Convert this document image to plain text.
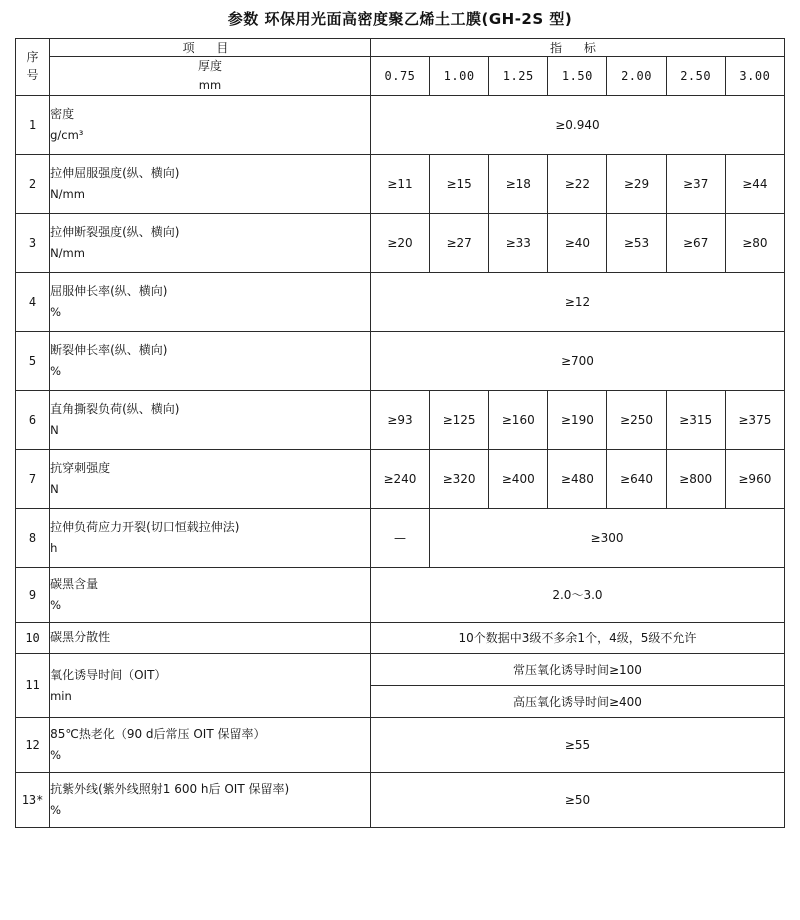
参数 环保用光面高密度聚乙烯土工膜(GH-2S 型)
序
号	项 目	指 标						

	厚度
mm	0.75	1.00	1.25	1.50	2.00	2.50	3.00
1	密度
g/cm³	≥0.940						
2	拉伸屈服强度(纵、横向)
N/mm	≥11	≥15	≥18	≥22	≥29	≥37	≥44
3	拉伸断裂强度(纵、横向)
N/mm	≥20	≥27	≥33	≥40	≥53	≥67	≥80
4	屈服伸长率(纵、横向)
%	≥12						
5	断裂伸长率(纵、横向)
%	≥700						
6	直角撕裂负荷(纵、横向)
N	≥93	≥125	≥160	≥190	≥250	≥315	≥375
7	抗穿刺强度
N	≥240	≥320	≥400	≥480	≥640	≥800	≥960
8	拉伸负荷应力开裂(切口恒载拉伸法)
h	—	≥300					
9	碳黑含量
%	2.0～3.0						
10	碳黑分散性	10个数据中3级不多余1个，4级，5级不允许						
11	氧化诱导时间（OIT）
min	常压氧化诱导时间≥100						
		高压氧化诱导时间≥400						
12	85℃热老化（90 d后常压 OIT 保留率）
%	≥55						
13*	抗紫外线(紫外线照射1 600 h后 OIT 保留率)
%	≥50						
